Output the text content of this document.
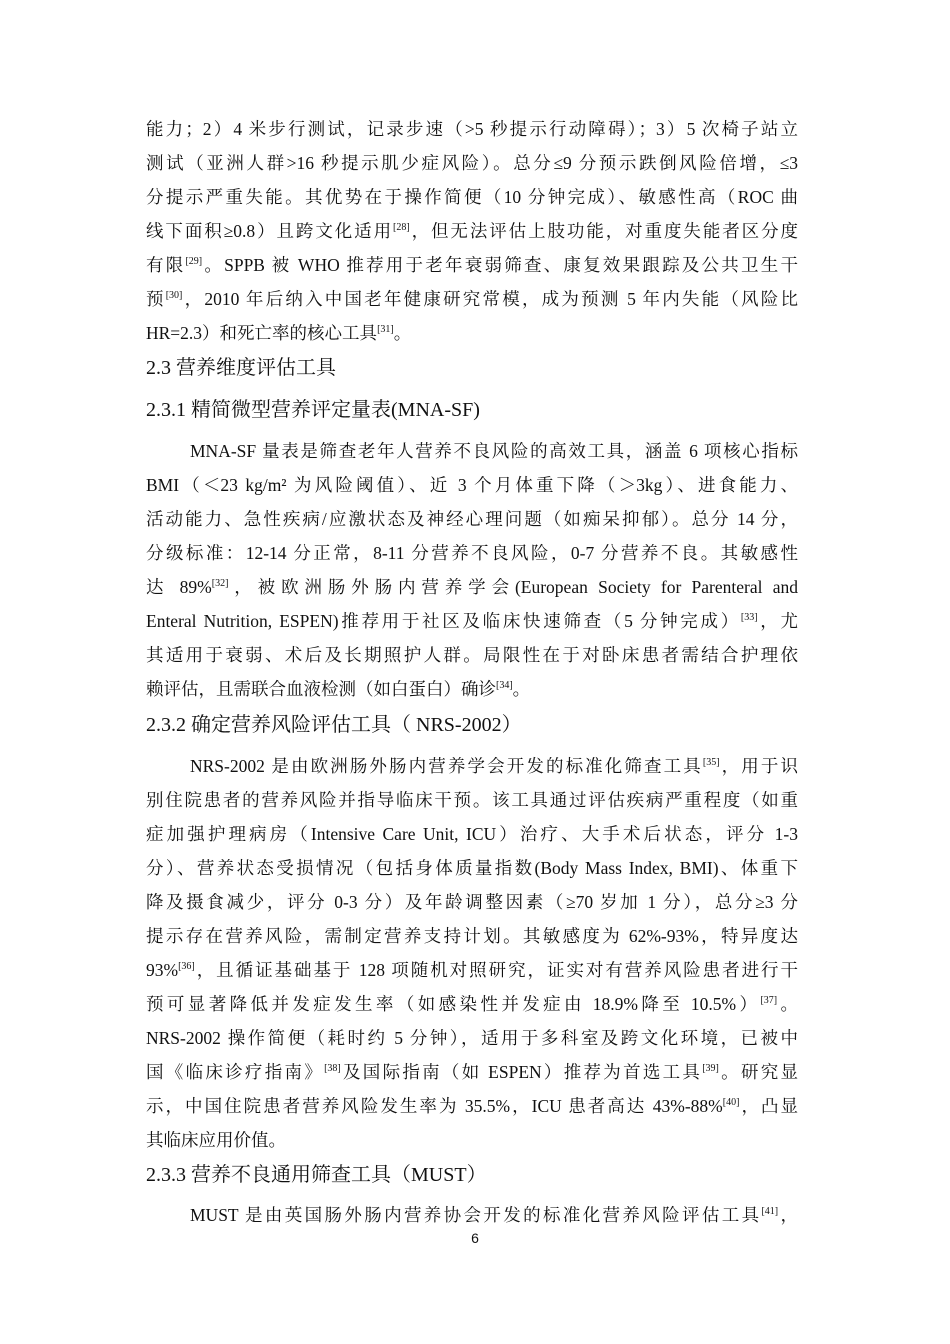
能力；2）4 米步行测试，记录步速（>5 秒提示行动障碍）；3）5 次椅子站立
测试（亚洲人群>16 秒提示肌少症风险）。总分≤9 分预示跌倒风险倍增，≤3
分提示严重失能。其优势在于操作简便（10 分钟完成）、敏感性高（ROC 曲
线下面积≥0.8）且跨文化适用[28]，但无法评估上肢功能，对重度失能者区分度
有限[29]。SPPB 被 WHO 推荐用于老年衰弱筛查、康复效果跟踪及公共卫生干
预[30]，2010 年后纳入中国老年健康研究常模，成为预测 5 年内失能（风险比
HR=2.3）和死亡率的核心工具[31]。
2.3 营养维度评估工具
2.3.1 精简微型营养评定量表(MNA-SF)
MNA-SF 量表是筛查老年人营养不良风险的高效工具，涵盖 6 项核心指标
BMI（＜23 kg/m² 为风险阈值）、近 3 个月体重下降（＞3kg）、进食能力、
活动能力、急性疾病/应激状态及神经心理问题（如痴呆抑郁）。总分 14 分，
分级标准：12-14 分正常，8-11 分营养不良风险，0-7 分营养不良。其敏感性
达 89%[32]，被欧洲肠外肠内营养学会(European Society for Parenteral and
Enteral Nutrition, ESPEN)推荐用于社区及临床快速筛查（5 分钟完成）[33]，尤
其适用于衰弱、术后及长期照护人群。局限性在于对卧床患者需结合护理依
赖评估，且需联合血液检测（如白蛋白）确诊[34]。
2.3.2 确定营养风险评估工具（ NRS-2002）
NRS-2002 是由欧洲肠外肠内营养学会开发的标准化筛查工具[35]，用于识
别住院患者的营养风险并指导临床干预。该工具通过评估疾病严重程度（如重
症加强护理病房（Intensive Care Unit, ICU）治疗、大手术后状态，评分 1-3
分）、营养状态受损情况（包括身体质量指数(Body Mass Index, BMI)、体重下
降及摄食减少，评分 0-3 分）及年龄调整因素（≥70 岁加 1 分），总分≥3 分
提示存在营养风险，需制定营养支持计划。其敏感度为 62%-93%，特异度达
93%[36]，且循证基础基于 128 项随机对照研究，证实对有营养风险患者进行干
预可显著降低并发症发生率（如感染性并发症由 18.9%降至 10.5%）[37]。
NRS-2002 操作简便（耗时约 5 分钟），适用于多科室及跨文化环境，已被中
国《临床诊疗指南》[38]及国际指南（如 ESPEN）推荐为首选工具[39]。研究显
示，中国住院患者营养风险发生率为 35.5%，ICU 患者高达 43%-88%[40]，凸显
其临床应用价值。
2.3.3 营养不良通用筛查工具（MUST）
MUST 是由英国肠外肠内营养协会开发的标准化营养风险评估工具[41]，
6
